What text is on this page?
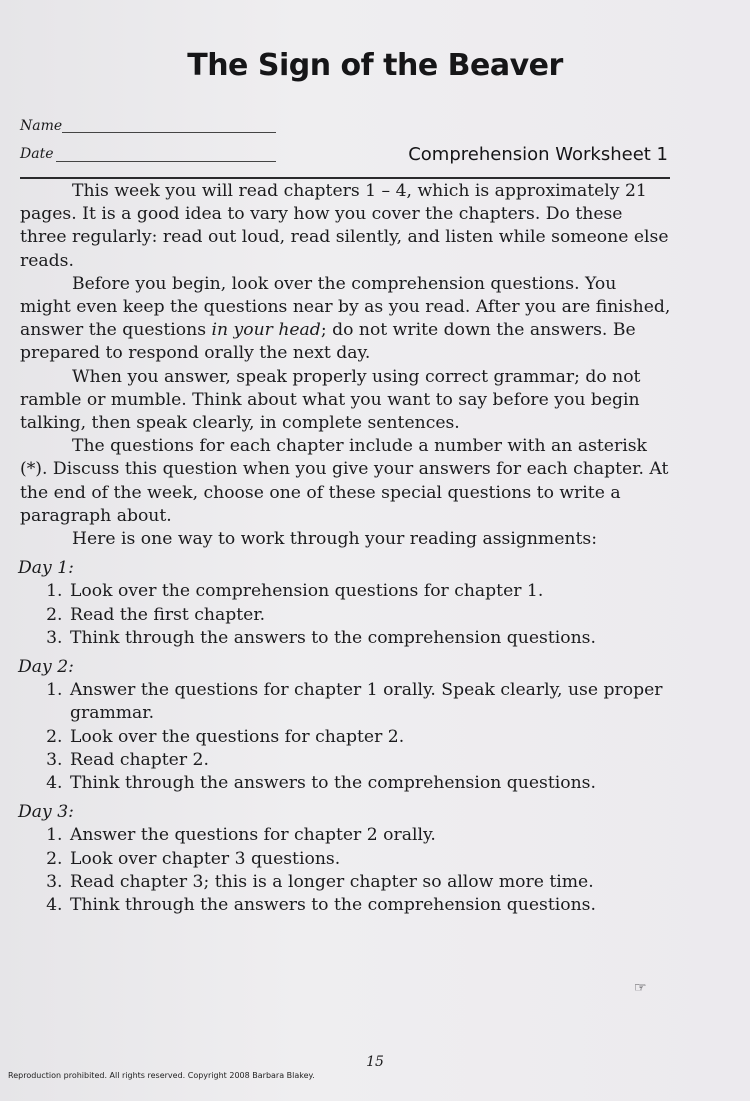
The Sign of the Beaver
Name
Date	Comprehension Worksheet 1

This week you will read chapters 1 – 4, which is approximately 21 pages. It is a good idea to vary how you cover the chapters. Do these three regularly: read out loud, read silently, and listen while someone else reads.

Before you begin, look over the comprehension questions. You might even keep the questions near by as you read. After you are finished, answer the questions in your head; do not write down the answers. Be prepared to respond orally the next day.

When you answer, speak properly using correct grammar; do not ramble or mumble. Think about what you want to say before you begin talking, then speak clearly, in complete sentences.

The questions for each chapter include a number with an asterisk (*). Discuss this question when you give your answers for each chapter. At the end of the week, choose one of these special questions to write a paragraph about.

Here is one way to work through your reading assignments:

Day 1:
1. Look over the comprehension questions for chapter 1.
2. Read the first chapter.
3. Think through the answers to the comprehension questions.
Day 2:
1. Answer the questions for chapter 1 orally. Speak clearly, use proper grammar.
2. Look over the questions for chapter 2.
3. Read chapter 2.
4. Think through the answers to the comprehension questions.
Day 3:
1. Answer the questions for chapter 2 orally.
2. Look over chapter 3 questions.
3. Read chapter 3; this is a longer chapter so allow more time.
4. Think through the answers to the comprehension questions.
☞
15
Reproduction prohibited. All rights reserved. Copyright 2008 Barbara Blakey.
